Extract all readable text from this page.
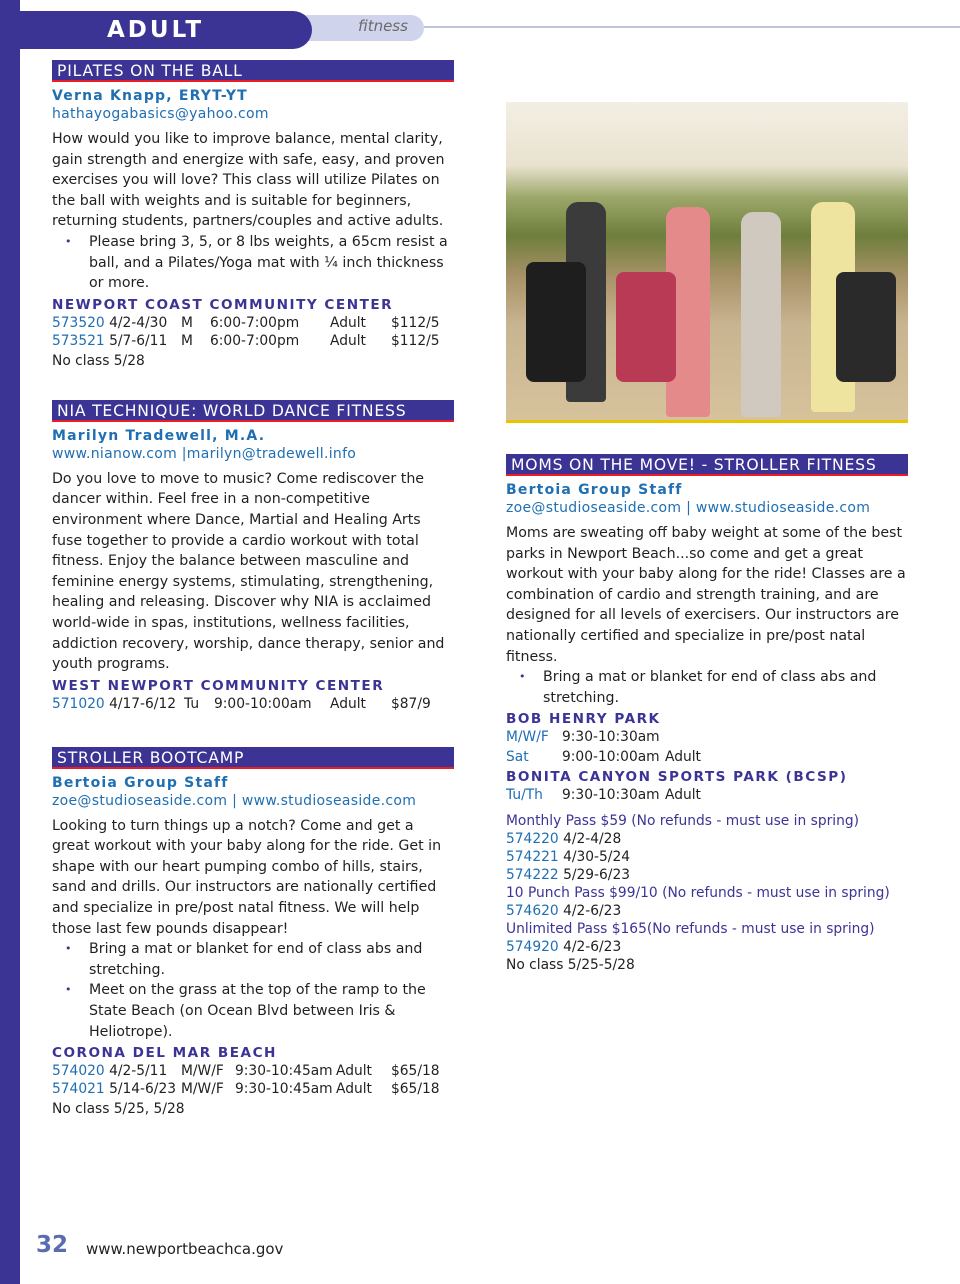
ADULT	fitness
PILATES ON THE BALL
Verna Knapp, ERYT-YT
hathayogabasics@yahoo.com

How would you like to improve balance, mental clarity, gain strength and energize with safe, easy, and proven exercises you will love? This class will utilize Pilates on the ball with weights and is suitable for beginners, returning students, partners/couples and active adults.

• Please bring 3, 5, or 8 lbs weights, a 65cm resist a ball, and a Pilates/Yoga mat with ¼ inch thickness or more.
NEWPORT COAST COMMUNITY CENTER
573520 4/2-4/30 M 6:00-7:00pm Adult $112/5
573521 5/7-6/11 M 6:00-7:00pm Adult $112/5
No class 5/28
NIA TECHNIQUE: WORLD DANCE FITNESS
Marilyn Tradewell, M.A.
www.nianow.com |marilyn@tradewell.info

Do you love to move to music? Come rediscover the dancer within. Feel free in a non-competitive environment where Dance, Martial and Healing Arts fuse together to provide a cardio workout with total fitness. Enjoy the balance between masculine and feminine energy systems, stimulating, strengthening, healing and releasing. Discover why NIA is acclaimed world-wide in spas, institutions, wellness facilities, addiction recovery, worship, dance therapy, senior and youth programs.

WEST NEWPORT COMMUNITY CENTER
571020 4/17-6/12 Tu 9:00-10:00am Adult $87/9
STROLLER BOOTCAMP
Bertoia Group Staff
zoe@studioseaside.com | www.studioseaside.com

Looking to turn things up a notch? Come and get a great workout with your baby along for the ride. Get in shape with our heart pumping combo of hills, stairs, sand and drills. Our instructors are nationally certified and specialize in pre/post natal fitness. We will help those last few pounds disappear!

• Bring a mat or blanket for end of class abs and stretching.
• Meet on the grass at the top of the ramp to the State Beach (on Ocean Blvd between Iris & Heliotrope).
CORONA DEL MAR BEACH
574020 4/2-5/11 M/W/F 9:30-10:45am Adult $65/18
574021 5/14-6/23 M/W/F 9:30-10:45am Adult $65/18
No class 5/25, 5/28
MOMS ON THE MOVE! - STROLLER FITNESS
Bertoia Group Staff
zoe@studioseaside.com | www.studioseaside.com

Moms are sweating off baby weight at some of the best parks in Newport Beach...so come and get a great workout with your baby along for the ride! Classes are a combination of cardio and strength training, and are designed for all levels of exercisers. Our instructors are nationally certified and specialize in pre/post natal fitness.

• Bring a mat or blanket for end of class abs and stretching.
BOB HENRY PARK
M/W/F 9:30-10:30am
Sat 9:00-10:00am Adult
BONITA CANYON SPORTS PARK (BCSP)
Tu/Th 9:30-10:30am Adult
Monthly Pass $59 (No refunds - must use in spring)
574220 4/2-4/28
574221 4/30-5/24
574222 5/29-6/23
10 Punch Pass $99/10 (No refunds - must use in spring)
574620 4/2-6/23
Unlimited Pass $165(No refunds - must use in spring)
574920 4/2-6/23
No class 5/25-5/28
32 www.newportbeachca.gov
